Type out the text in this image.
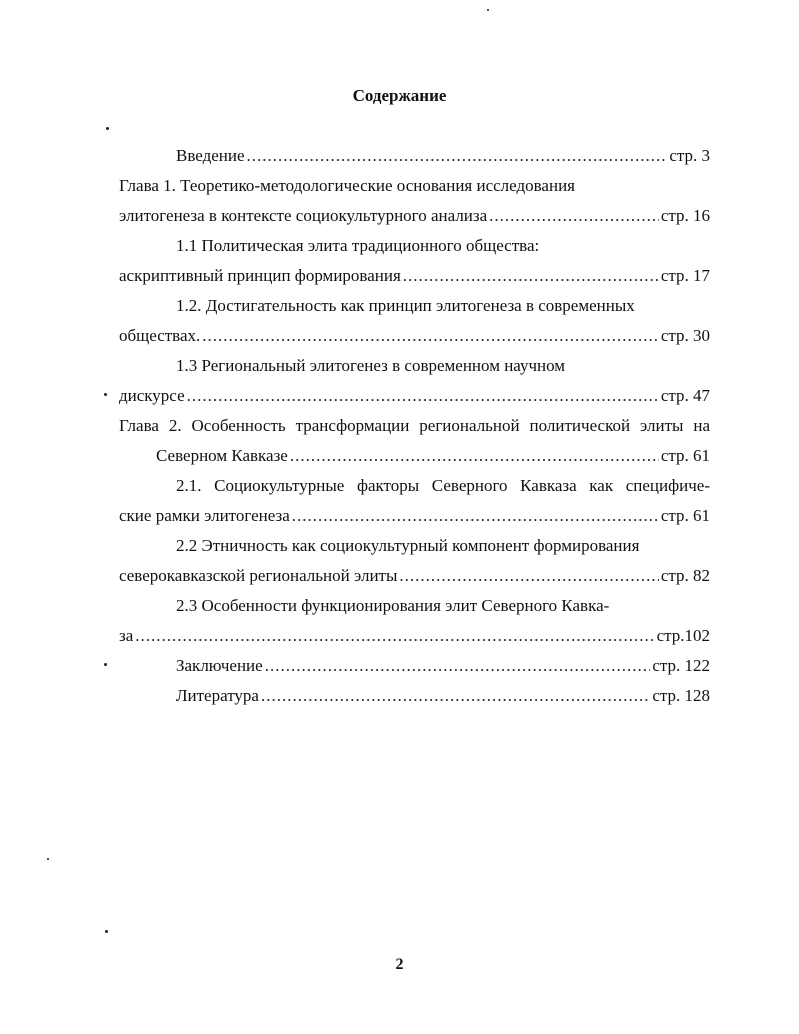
Содержание
Введение .....	стр. 3
Глава 1. Теоретико-методологические основания исследования
элитогенеза в контексте социокультурного анализа .....	стр. 16
1.1 Политическая элита традиционного общества:
аскриптивный принцип формирования .....	стр. 17
1.2. Достигательность как принцип элитогенеза в современных
обществах. .....	стр. 30
1.3 Региональный элитогенез в современном научном
дискурсе .....	стр. 47
Глава 2. Особенность трансформации региональной политической элиты на
Северном Кавказе .....	стр. 61
2.1. Социокультурные факторы Северного Кавказа как специфиче-
ские рамки элитогенеза .....	стр. 61
2.2 Этничность как социокультурный компонент формирования
северокавказской региональной элиты .....	стр. 82
2.3 Особенности функционирования элит Северного Кавка-
за .....	стр.102
Заключение .....	стр. 122
Литература .....	стр. 128
2
